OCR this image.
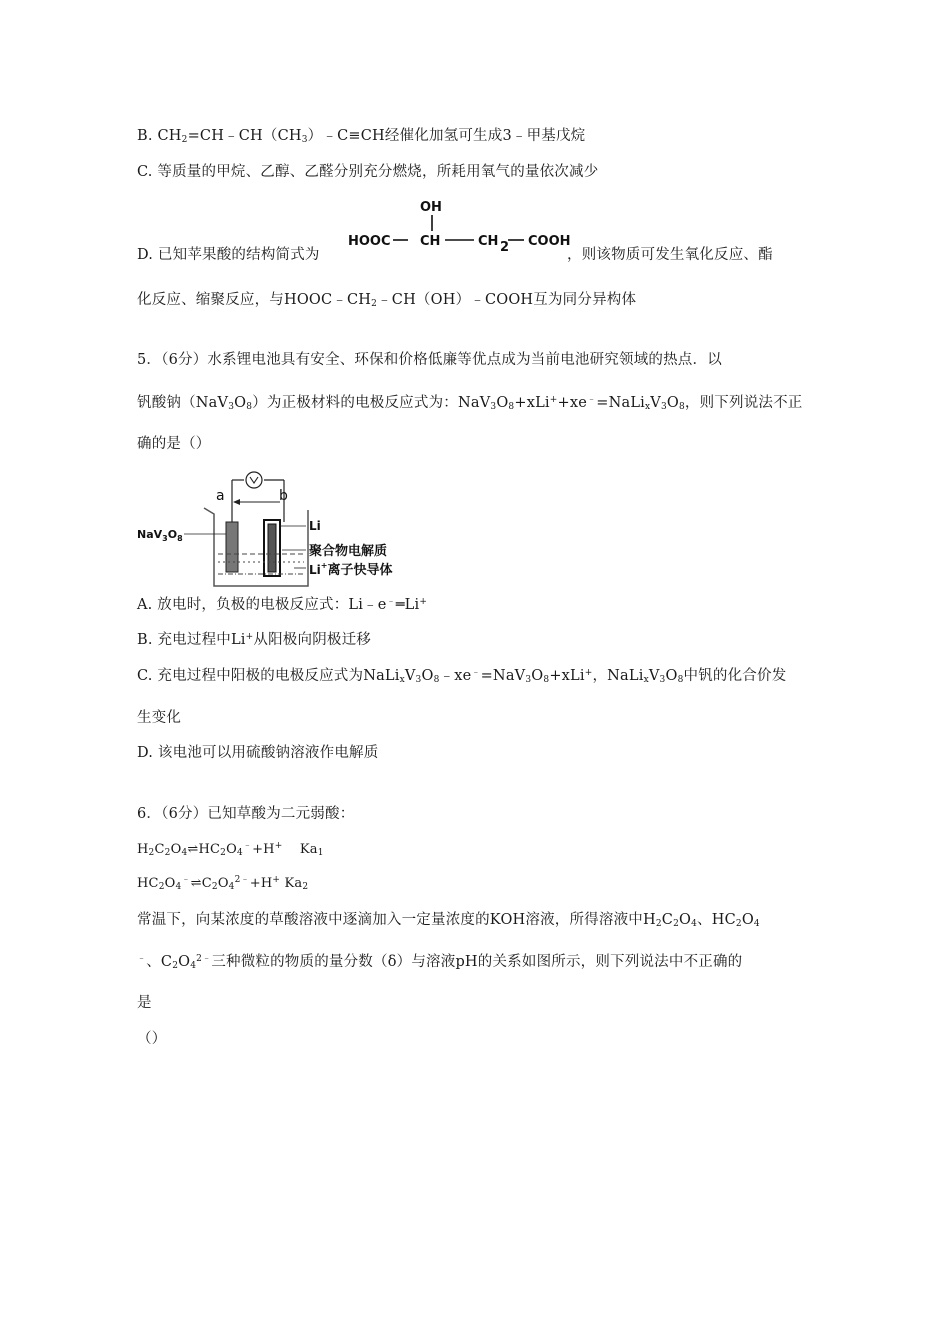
B. $CH_2=CH﹣CH(CH_3)﹣C\equiv CH$经催化加氢可生成3﹣甲基戊烷
C. 等质量的甲烷、乙醇、乙醛分别充分燃烧，所耗用氧气的量依次减少
D. 已知苹果酸的结构简式为	，则该物质可发生氧化反应、酯
OH
HOOC CH	CH 2 COOH
化反应、缩聚反应，与$HOOC﹣CH_2﹣CH(OH)﹣COOH$互为同分异构体
5．（6分）水系锂电池具有安全、环保和价格低廉等优点成为当前电池研究领域的热点．以
钒酸钠$(NaV_3O_8)$为正极材料的电极反应式为：$NaV_3O_8+xLi^++xe^﹣=NaLi_xV_3O_8$，则下列说法不正
确的是（）
a	b
$NaV_3O_8$
Li
聚合物电解质
Li+离子快导体
A. 放电时，负极的电极反应式：Li﹣e﹣═Li+
B. 充电过程中Li+从阳极向阴极迁移
C. 充电过程中阳极的电极反应式为$NaLi_xV_3O_8﹣xe^﹣=NaV_3O_8+xLi^+$，$NaLi_xV_3O_8$中钒的化合价发
生变化
D. 该电池可以用硫酸钠溶液作电解质
6．（6分）已知草酸为二元弱酸：
$H_2C_2O_4\rightleftharpoons HC_2O_4^﹣+H^+$    $Ka_1$
$HC_2O_4^﹣\rightleftharpoons C_2O_4^{2﹣}+H^+$ $Ka_2$
常温下，向某浓度的草酸溶液中逐滴加入一定量浓度的KOH溶液，所得溶液中$H_2C_2O_4$、$HC_2O_4$
﹣、$C_2O_4^{2﹣}$三种微粒的物质的量分数（δ）与溶液pH的关系如图所示，则下列说法中不正确的
是
（）
